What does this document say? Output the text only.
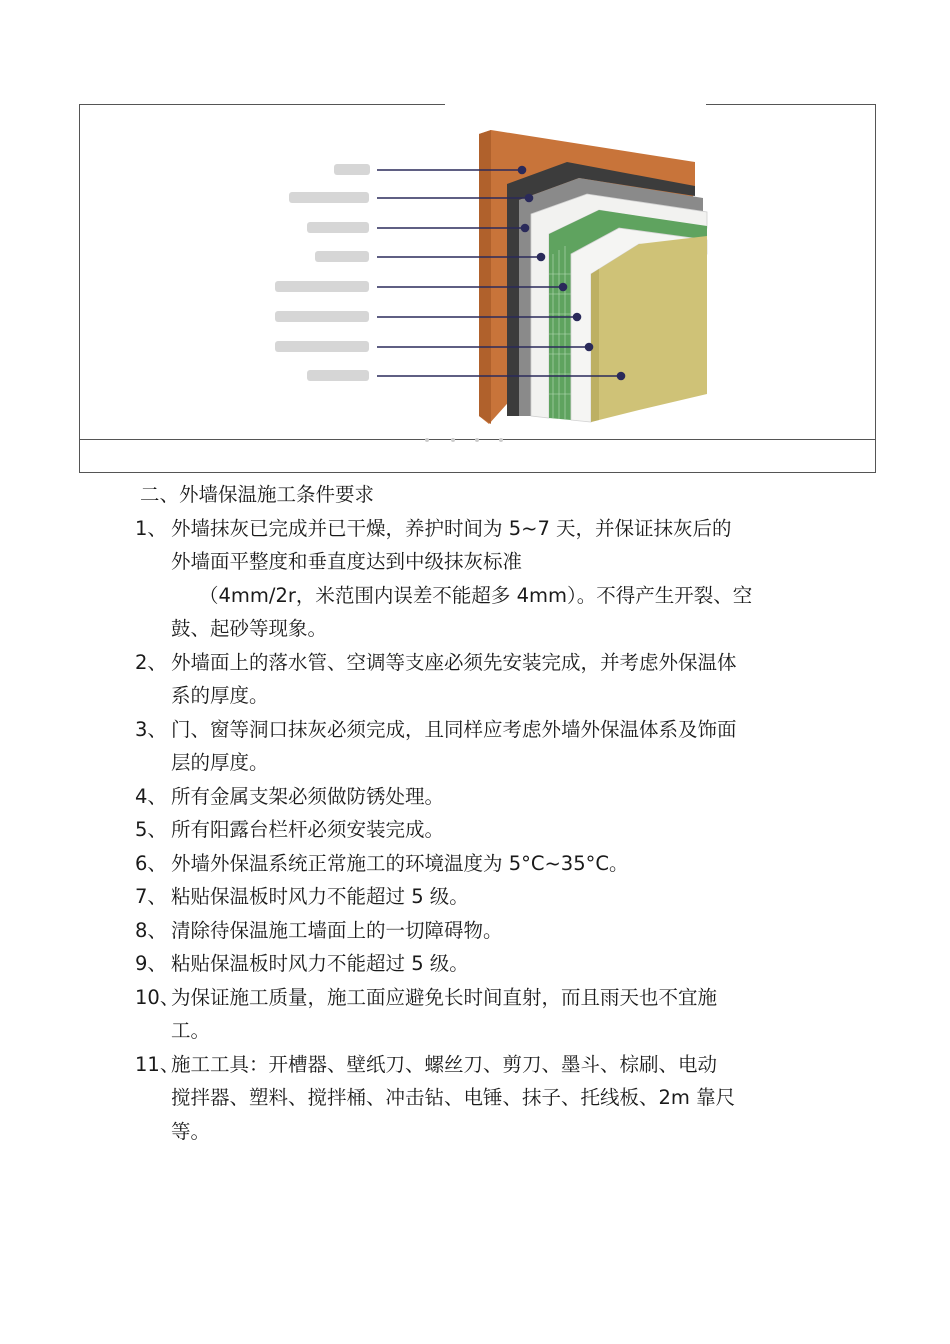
二、外墙保温施工条件要求
1、 外墙抹灰已完成并已干燥，养护时间为 5~7 天，并保证抹灰后的
外墙面平整度和垂直度达到中级抹灰标准
（4mm/2r，米范围内误差不能超多 4mm）。不得产生开裂、空
鼓、起砂等现象。
2、 外墙面上的落水管、空调等支座必须先安装完成，并考虑外保温体
系的厚度。
3、 门、窗等洞口抹灰必须完成，且同样应考虑外墙外保温体系及饰面
层的厚度。
4、 所有金属支架必须做防锈处理。
5、 所有阳露台栏杆必须安装完成。
6、 外墙外保温系统正常施工的环境温度为 5°C~35°C。
7、 粘贴保温板时风力不能超过 5 级。
8、 清除待保温施工墙面上的一切障碍物。
9、 粘贴保温板时风力不能超过 5 级。
10、
为保证施工质量，施工面应避免长时间直射，而且雨天也不宜施
工。
11、
施工工具：开槽器、壁纸刀、螺丝刀、剪刀、墨斗、棕刷、电动
搅拌器、塑料、搅拌桶、冲击钻、电锤、抹子、托线板、2m 靠尺
等。
